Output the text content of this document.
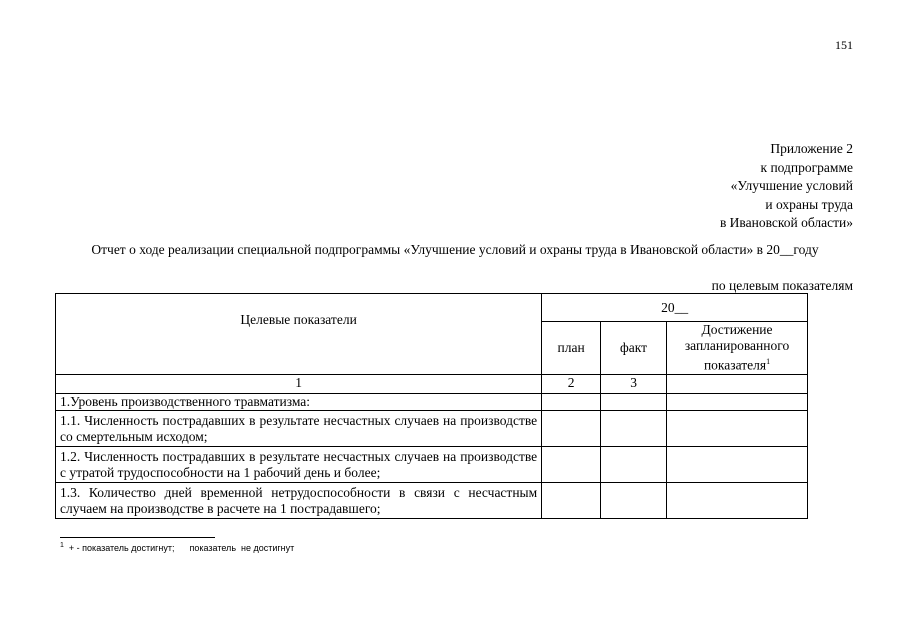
151
Приложение 2
к подпрограмме
«Улучшение условий
и охраны труда
в Ивановской области»
Отчет о ходе реализации специальной подпрограммы «Улучшение условий и охраны труда в Ивановской области» в 20__году
по целевым показателям
Целевые показатели	20__		
	план	факт	Достижение запланированного показателя$^1$
1	2	3	
1.Уровень производственного травматизма:			
1.1. Численность пострадавших в результате несчастных случаев на производстве со смертельным исходом;			
1.2. Численность пострадавших в результате несчастных случаев на производстве с утратой трудоспособности на 1 рабочий день и более;			
1.3. Количество дней временной нетрудоспособности в связи с несчастным случаем на производстве в расчете на 1 пострадавшего;			
$^1$ + - показатель достигнут;      показатель  не достигнут
